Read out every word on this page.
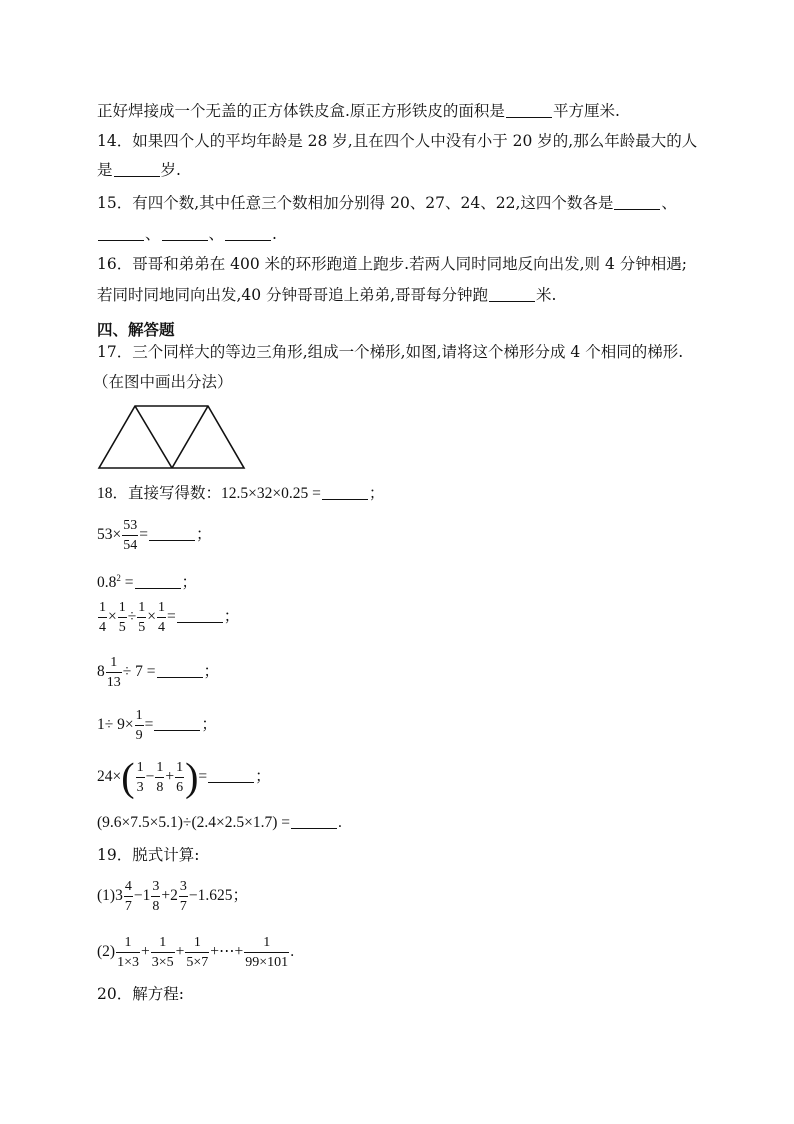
正好焊接成一个无盖的正方体铁皮盒.原正方形铁皮的面积是	平方厘米.
14．如果四个人的平均年龄是 28 岁,且在四个人中没有小于 20 岁的,那么年龄最大的人
是	岁.
15．有四个数,其中任意三个数相加分别得 20、27、24、22,这四个数各是	、
、	、	.
16．哥哥和弟弟在 400 米的环形跑道上跑步.若两人同时同地反向出发,则 4 分钟相遇;
若同时同地同向出发,40 分钟哥哥追上弟弟,哥哥每分钟跑	米.
四、解答题
17．三个同样大的等边三角形,组成一个梯形,如图,请将这个梯形分成 4 个相同的梯形.
（在图中画出分法）
18．直接写得数：12.5×32×0.25 =	；
$53\times \frac{53}{54}$ =	；
$0.8^2$ =	；
$\frac{1}{4} \times \frac{1}{5} \div \frac{1}{5} \times \frac{1}{4}$ =	；
$8 \frac{1}{13} \div 7$ =	；
$1\div 9\times \frac{1}{9}$ =	；
$24\times( \frac{1}{3} - \frac{1}{8} + \frac{1}{6}$ )=	；
(9.6×7.5×5.1)÷(2.4×2.5×1.7) =	.
19．脱式计算:
$(1)3 \frac{4}{7} -1 \frac{3}{8} +2 \frac{3}{7} -1.625$；
$(2) \frac{1}{1\times 3} + \frac{1}{3\times 5} + \frac{1}{5\times 7}$ +⋯+ $\frac{1}{99\times 101}$ .
20．解方程:
